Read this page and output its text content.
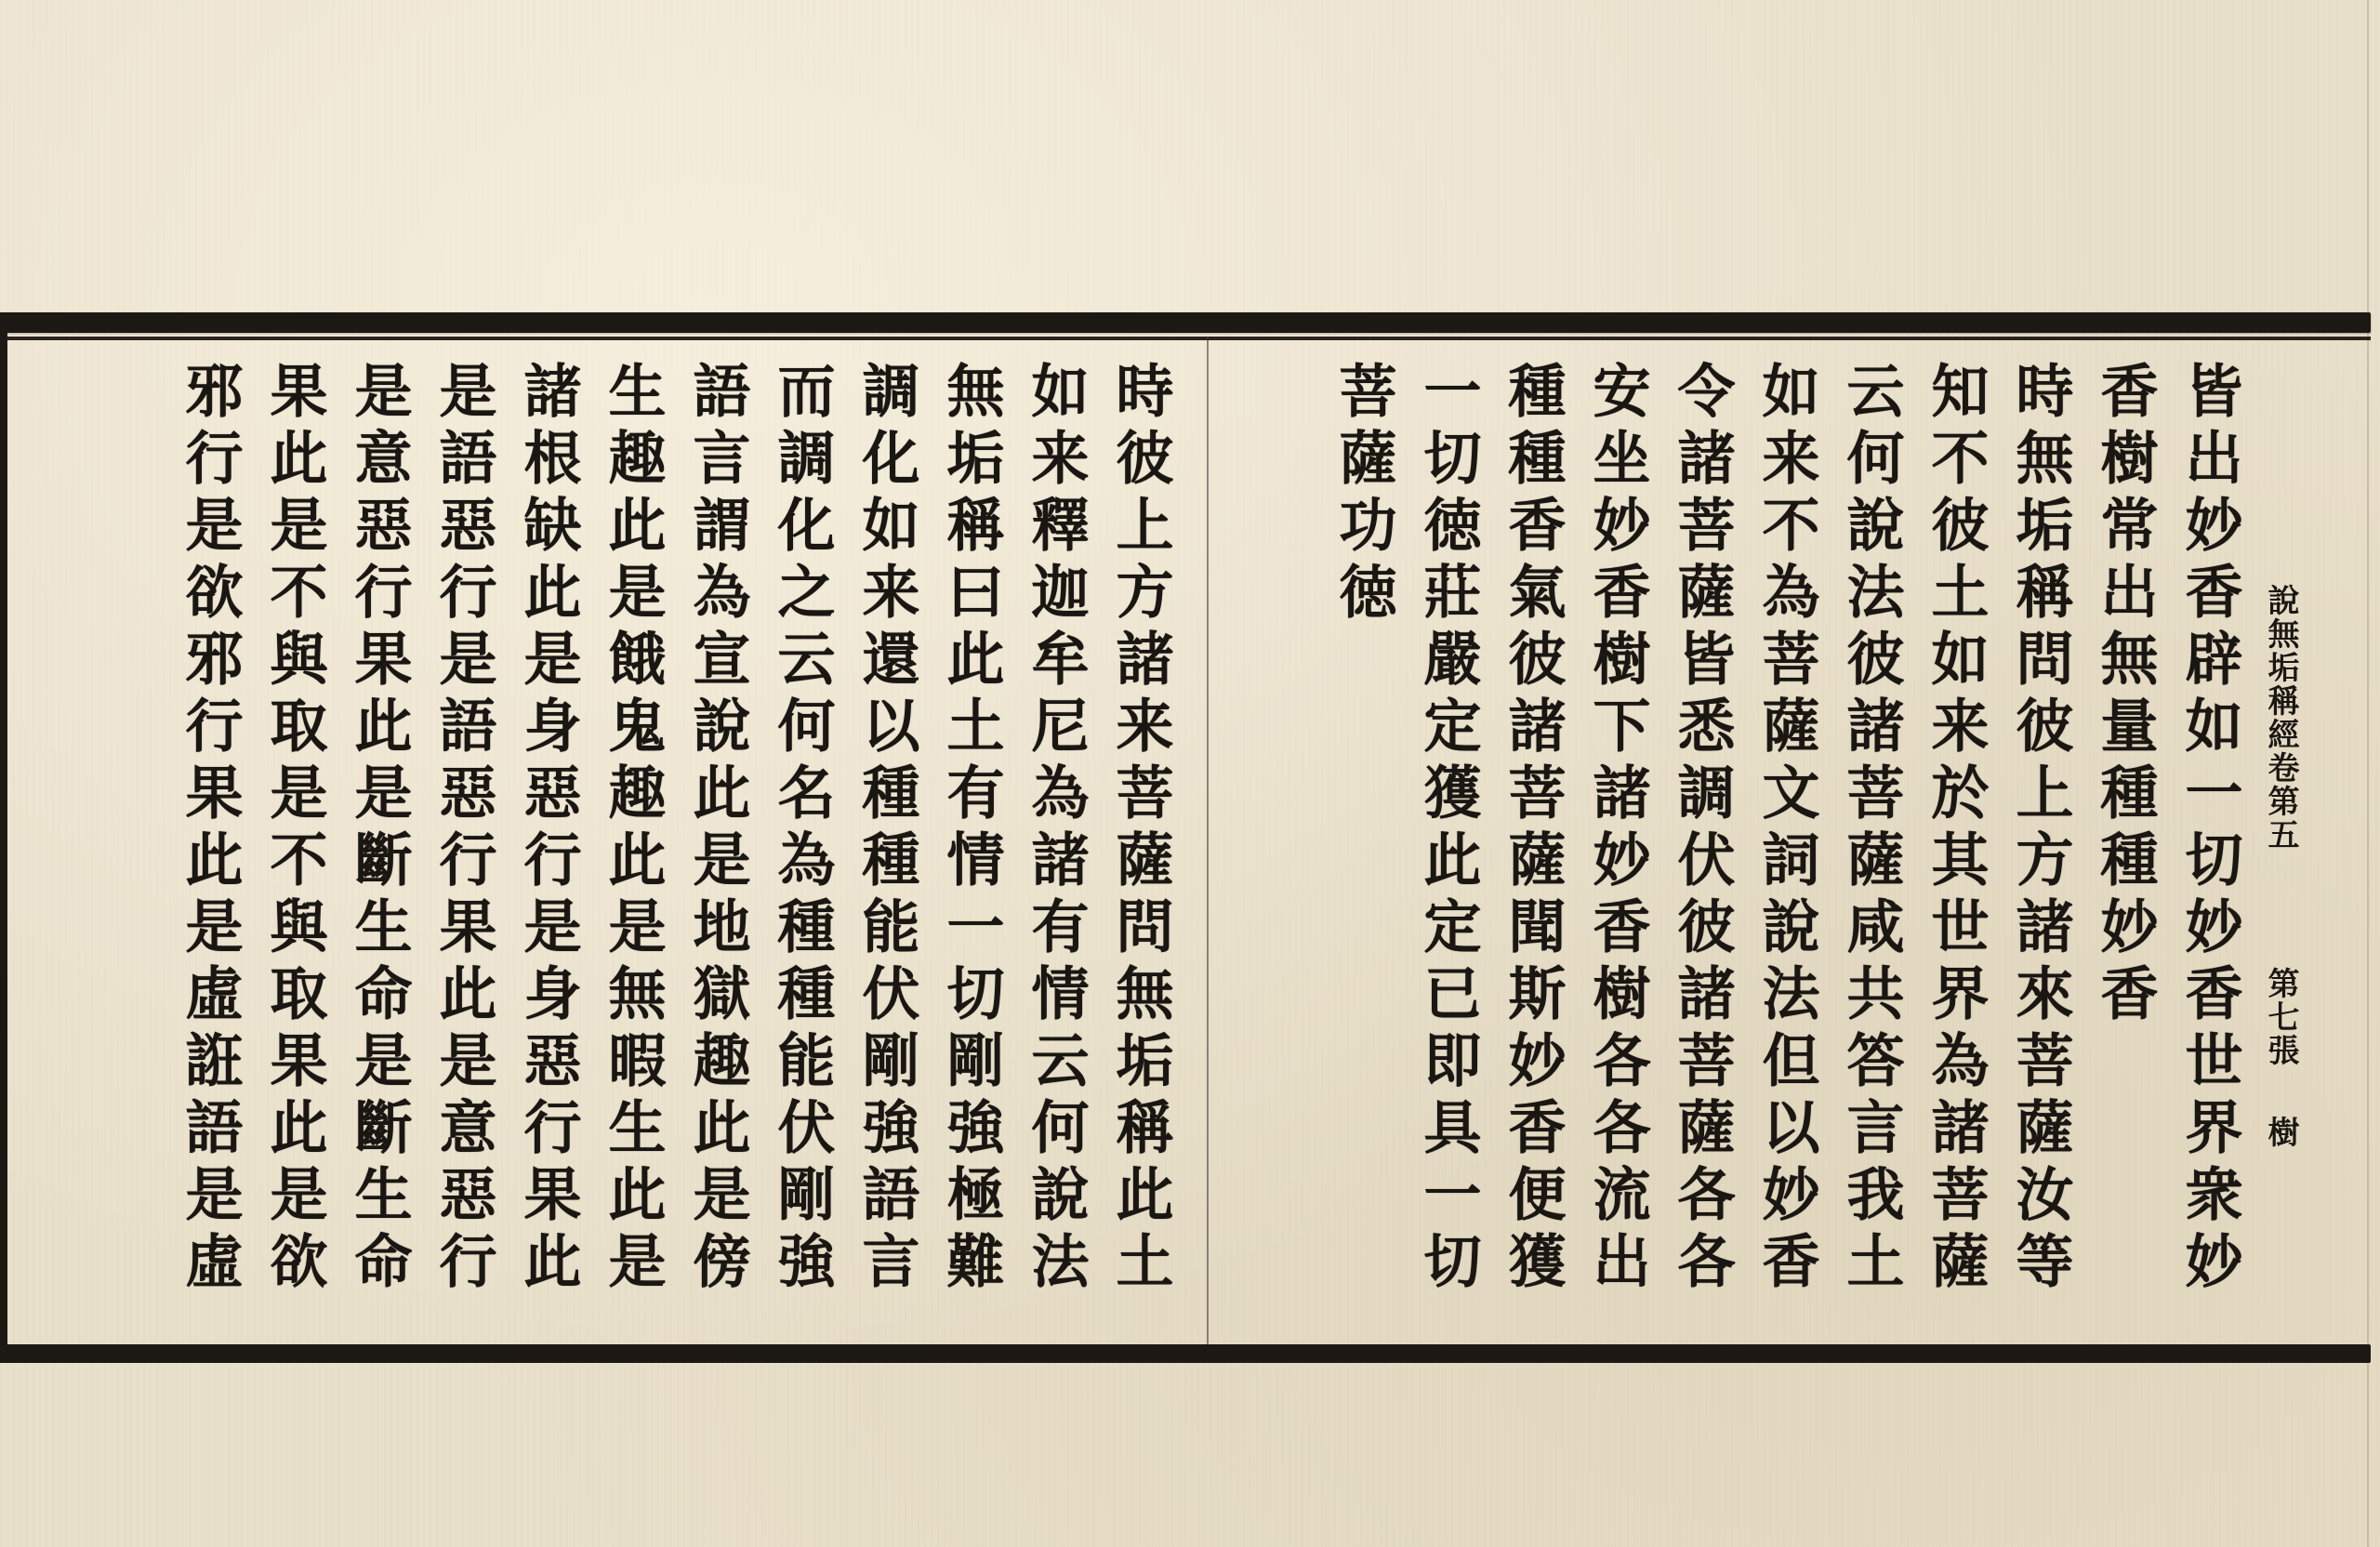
說無垢稱經卷第五
第七張
樹
皆出妙香辟如一切妙香世界衆妙
香樹常出無量種種妙香
時無垢稱問彼上方諸來菩薩汝等
知不彼土如来於其世界為諸菩薩
云何說法彼諸菩薩咸共答言我土
如来不為菩薩文詞說法但以妙香
令諸菩薩皆悉調伏彼諸菩薩各各
安坐妙香樹下諸妙香樹各各流出
種種香氣彼諸菩薩聞斯妙香便獲
一切徳莊嚴定獲此定已即具一切
菩薩功徳
時彼上方諸来菩薩問無垢稱此土
如来釋迦牟尼為諸有情云何說法
無垢稱曰此土有情一切剛強極難
調化如来還以種種能伏剛強語言
而調化之云何名為種種能伏剛強
語言謂為宣說此是地獄趣此是傍
生趣此是餓鬼趣此是無暇生此是
諸根缺此是身惡行是身惡行果此
是語惡行是語惡行果此是意惡行
是意惡行果此是斷生命是斷生命
果此是不與取是不與取果此是欲
邪行是欲邪行果此是虛誑語是虛
